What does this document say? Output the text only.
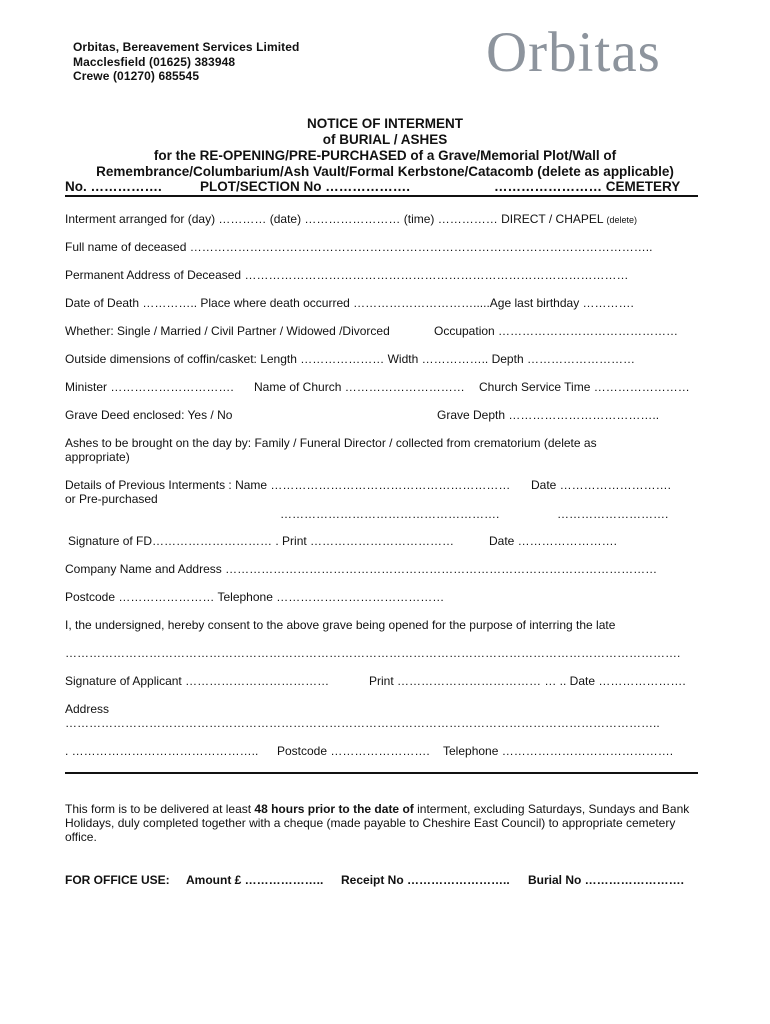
Orbitas, Bereavement Services Limited
Macclesfield (01625) 383948
Crewe (01270) 685545	Orbitas
NOTICE OF INTERMENT
of BURIAL / ASHES
for the RE-OPENING/PRE-PURCHASED of a Grave/Memorial Plot/Wall of
Remembrance/Columbarium/Ash Vault/Formal Kerbstone/Catacomb (delete as applicable)
No. …………….	PLOT/SECTION No ……………….	…………………… CEMETERY
Interment arranged for (day) ………… (date) …………………… (time) …………… DIRECT / CHAPEL (delete)
Full name of deceased ……………………………………………………………………………………………………..
Permanent Address of Deceased ……………………………………………………………………………………
Date of Death ………….. Place where death occurred ………………………….....Age last birthday ………….
Whether: Single / Married / Civil Partner / Widowed /Divorced	Occupation ………………………………………
Outside dimensions of coffin/casket: Length ………………… Width …………….. Depth ………………………
Minister …………………………. Name of Church ………………………… Church Service Time ……………………
Grave Deed enclosed: Yes / No	Grave Depth ………………………………..
Ashes to be brought on the day by: Family / Funeral Director / collected from crematorium (delete as
appropriate)
Details of Previous Interments : Name …………………………………………………… Date ……………………….
or Pre-purchased
……………………………………………….	……………………….
Signature of FD………………………… . Print ………………………………	Date …………………….
Company Name and Address ………………………………………………………………………………………………
Postcode …………………… Telephone ……………………………………
I, the undersigned, hereby consent to the above grave being opened for the purpose of interring the late
……………………………………………………………………………………………………………………………………….
Signature of Applicant ………………………………	Print ……………………………… … .. Date ………………….
Address
…………………………………………………………………………………………………………………………………..
. ……………………………………….. Postcode ……………………. Telephone …………………………………….
This form is to be delivered at least 48 hours prior to the date of interment, excluding Saturdays, Sundays and Bank Holidays, duly completed together with a cheque (made payable to Cheshire East Council) to appropriate cemetery office.
FOR OFFICE USE: Amount £ ……………….. Receipt No …………………….. Burial No …………………….
